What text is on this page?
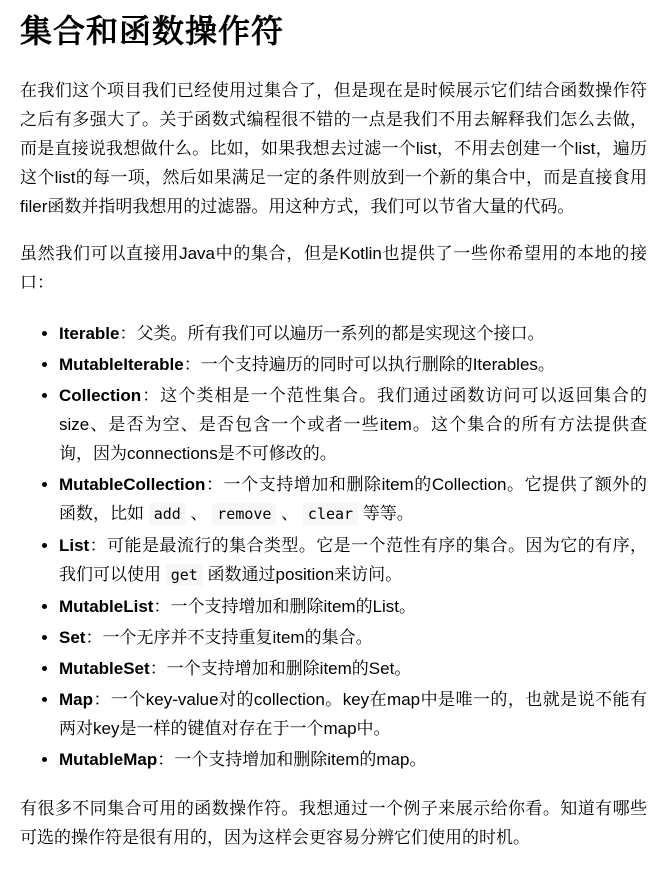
集合和函数操作符

在我们这个项目我们已经使用过集合了，但是现在是时候展示它们结合函数操作符之后有多强大了。关于函数式编程很不错的一点是我们不用去解释我们怎么去做，而是直接说我想做什么。比如，如果我想去过滤一个list，不用去创建一个list，遍历这个list的每一项，然后如果满足一定的条件则放到一个新的集合中，而是直接食用filer函数并指明我想用的过滤器。用这种方式，我们可以节省大量的代码。

虽然我们可以直接用Java中的集合，但是Kotlin也提供了一些你希望用的本地的接口：

• Iterable：父类。所有我们可以遍历一系列的都是实现这个接口。
• MutableIterable：一个支持遍历的同时可以执行删除的Iterables。
• Collection：这个类相是一个范性集合。我们通过函数访问可以返回集合的size、是否为空、是否包含一个或者一些item。这个集合的所有方法提供查询，因为connections是不可修改的。
• MutableCollection：一个支持增加和删除item的Collection。它提供了额外的函数，比如 add 、 remove 、 clear 等等。
• List：可能是最流行的集合类型。它是一个范性有序的集合。因为它的有序，我们可以使用 get 函数通过position来访问。
• MutableList：一个支持增加和删除item的List。
• Set：一个无序并不支持重复item的集合。
• MutableSet：一个支持增加和删除item的Set。
• Map：一个key-value对的collection。key在map中是唯一的，也就是说不能有两对key是一样的键值对存在于一个map中。
• MutableMap：一个支持增加和删除item的map。

有很多不同集合可用的函数操作符。我想通过一个例子来展示给你看。知道有哪些可选的操作符是很有用的，因为这样会更容易分辨它们使用的时机。
